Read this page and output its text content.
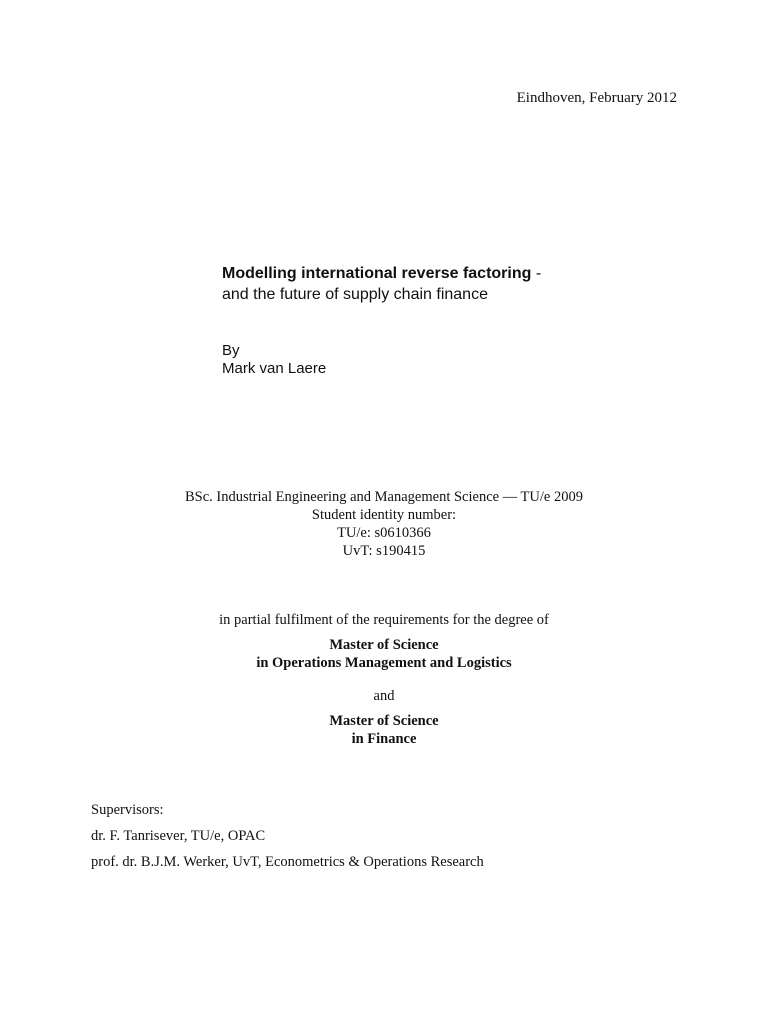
Eindhoven, February 2012
Modelling international reverse factoring - and the future of supply chain finance
By
Mark van Laere
BSc. Industrial Engineering and Management Science — TU/e 2009
Student identity number:
TU/e: s0610366
UvT: s190415
in partial fulfilment of the requirements for the degree of
Master of Science
in Operations Management and Logistics
and
Master of Science
in Finance
Supervisors:
dr. F. Tanrisever, TU/e, OPAC
prof. dr. B.J.M. Werker, UvT, Econometrics & Operations Research
